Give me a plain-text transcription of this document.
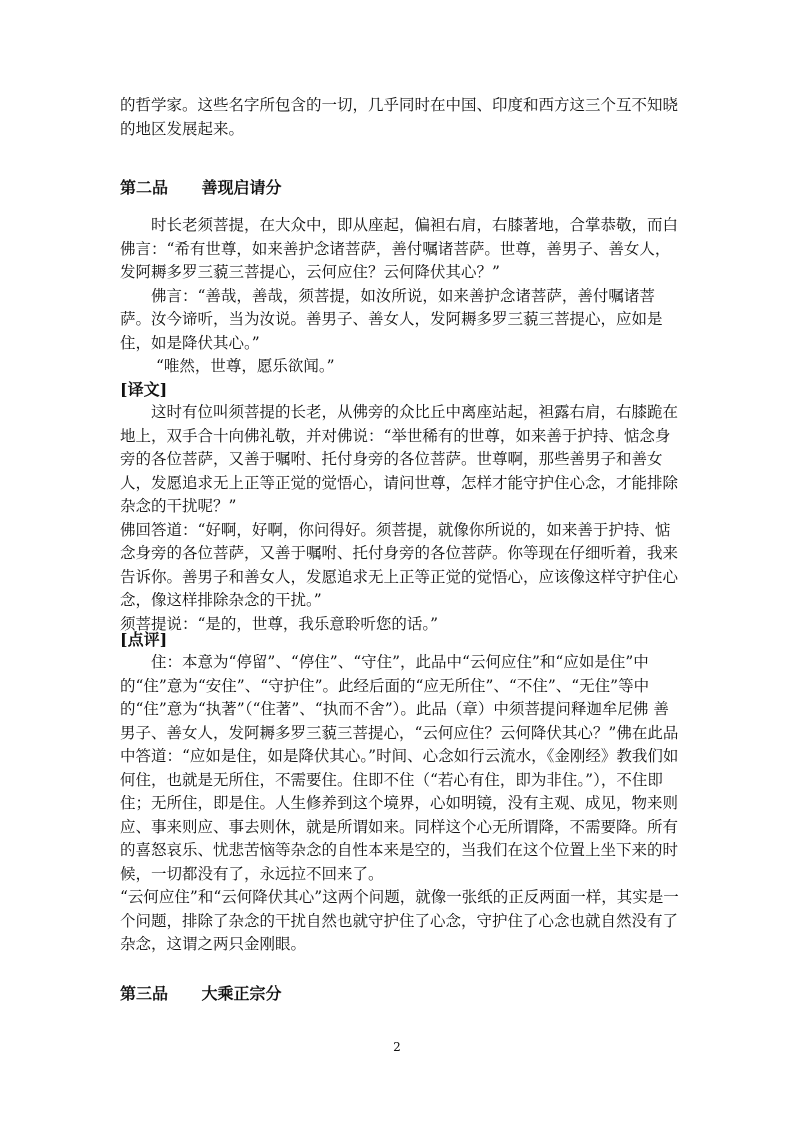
的哲学家。这些名字所包含的一切，几乎同时在中国、印度和西方这三个互不知晓的地区发展起来。

第二品 善现启请分

时长老须菩提，在大众中，即从座起，偏袒右肩，右膝著地，合掌恭敬，而白佛言：“希有世尊，如来善护念诸菩萨，善付嘱诸菩萨。世尊，善男子、善女人，发阿耨多罗三藐三菩提心，云何应住？云何降伏其心？”

佛言：“善哉，善哉，须菩提，如汝所说，如来善护念诸菩萨，善付嘱诸菩萨。汝今谛听，当为汝说。善男子、善女人，发阿耨多罗三藐三菩提心，应如是住，如是降伏其心。”

“唯然，世尊，愿乐欲闻。”

[译文]

这时有位叫须菩提的长老，从佛旁的众比丘中离座站起，袒露右肩，右膝跪在地上，双手合十向佛礼敬，并对佛说：“举世稀有的世尊，如来善于护持、惦念身旁的各位菩萨，又善于嘱咐、托付身旁的各位菩萨。世尊啊，那些善男子和善女人，发愿追求无上正等正觉的觉悟心，请问世尊，怎样才能守护住心念，才能排除杂念的干扰呢？”

佛回答道：“好啊，好啊，你问得好。须菩提，就像你所说的，如来善于护持、惦念身旁的各位菩萨，又善于嘱咐、托付身旁的各位菩萨。你等现在仔细听着，我来告诉你。善男子和善女人，发愿追求无上正等正觉的觉悟心，应该像这样守护住心念，像这样排除杂念的干扰。”

须菩提说：“是的，世尊，我乐意聆听您的话。”

[点评]

住：本意为“停留”、“停住”、“守住”，此品中“云何应住”和“应如是住”中的“住”意为“安住”、“守护住”。此经后面的“应无所住”、“不住”、“无住”等中的“住”意为“执著”（“住著”、“执而不舍”）。此品（章）中须菩提问释迦牟尼佛 善男子、善女人，发阿耨多罗三藐三菩提心，“云何应住？云何降伏其心？”佛在此品中答道：“应如是住，如是降伏其心。”时间、心念如行云流水，《金刚经》教我们如何住，也就是无所住，不需要住。住即不住（“若心有住，即为非住。”），不住即住；无所住，即是住。人生修养到这个境界，心如明镜，没有主观、成见，物来则应、事来则应、事去则休，就是所谓如来。同样这个心无所谓降，不需要降。所有的喜怒哀乐、忧悲苦恼等杂念的自性本来是空的，当我们在这个位置上坐下来的时候，一切都没有了，永远拉不回来了。

“云何应住”和“云何降伏其心”这两个问题，就像一张纸的正反两面一样，其实是一个问题，排除了杂念的干扰自然也就守护住了心念，守护住了心念也就自然没有了杂念，这谓之两只金刚眼。

第三品 大乘正宗分

2
